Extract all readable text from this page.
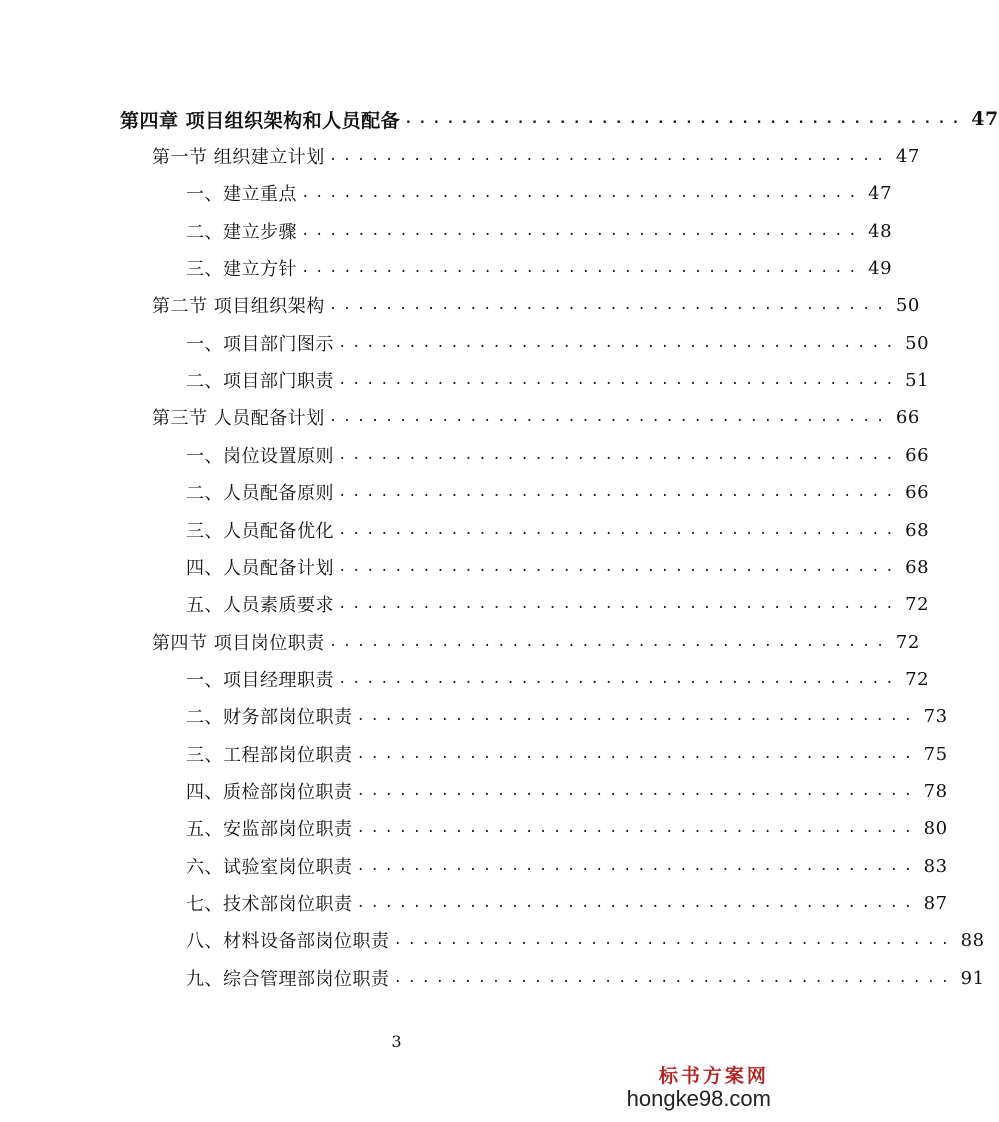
第四章 项目组织架构和人员配备 ........................................ 47
第一节 组织建立计划 ........................................ 47
一、建立重点 ........................................ 47
二、建立步骤 ........................................ 48
三、建立方针 ........................................ 49
第二节 项目组织架构 ........................................ 50
一、项目部门图示 ........................................ 50
二、项目部门职责 ........................................ 51
第三节 人员配备计划 ........................................ 66
一、岗位设置原则 ........................................ 66
二、人员配备原则 ........................................ 66
三、人员配备优化 ........................................ 68
四、人员配备计划 ........................................ 68
五、人员素质要求 ........................................ 72
第四节 项目岗位职责 ........................................ 72
一、项目经理职责 ........................................ 72
二、财务部岗位职责 ........................................ 73
三、工程部岗位职责 ........................................ 75
四、质检部岗位职责 ........................................ 78
五、安监部岗位职责 ........................................ 80
六、试验室岗位职责 ........................................ 83
七、技术部岗位职责 ........................................ 87
八、材料设备部岗位职责 ........................................ 88
九、综合管理部岗位职责 ........................................ 91
3
标书方案网
hongke98.com
